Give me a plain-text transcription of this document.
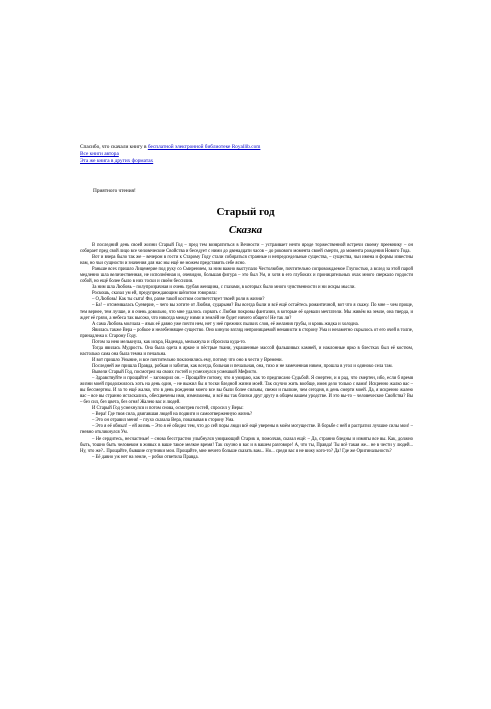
Спасибо, что скачали книгу в бесплатной электронной библиотеке Royallib.com

Все книги автора

Эта же книга в других форматах

Приятного чтения!
Старый год
Сказка

В последний день своей жизни Старый Год – пред тем возвратиться в Вечности – устраивает нечто вроде торжественной встречи своему преемнику – он собирает пред свой лицо все человеческие Свойства и беседует с ними до двенадцати часов – до рокового момента своей смерти, до момента рождения Нового Года.

Вот и вчера было так же – вечером в гости к Старому Году стали собираться странные и непредседельные существа, – существа, чьи имена и формы известны нам, но чьи сущности и значения для нас мы ещё не можем представить себе ясно.

Раньше всех пришло Лицемерие под руку со Смирением, за ним важно выступало Честолюбие, почтительно сопровождаемое Глупостью, а вслед за этой парой медленно шла величественная, не исполнённая и, очевидно, большая фигура – это был Ум, и хотя в его глубоких и проницательных очах много сверкало гордости собой, но ещё более было в них тоски и своём бессилии.

За ним шла Любовь – полупрозрачная и очень грубая женщина, с глазами, в которых было много чувственности и ни искры мысли.

Роскошь, сказал ум ей, предупреждающим шёпотом говорила:

– О,Любовь! Как ты сыта! Фи, разве такой костюм соответствует твоей роли в жизни?

– Ба! – отсмеивалась Суеверие, – чего вы хотите от Любви, сударыня? Вы всегда были и всё ещё остаётесь романтичной, вот что я скажу. По мне – чем проще, тем вернее, тем лучше, и я очень довольно, что мне удалось сорвать с Любви покровы фантазии, в которые её одевали мечтатели. Мы живём на земле, она тверда, и ждет её грязи, а небеса так высоко, что никогда между ними и землёй не будет ничего общего! Не так ли?

А сама Любовь молчала – язык её давно уже почти нем, нет у неё прежних пылких слов, её желания грубы, и кровь жидка и холодна.

Явилась также Вера – робкое и нелебезнящее существо. Оно кинуло взгляд непроницаемой ненависти в сторону Ума и незаметно скрылось от его очей в толпе, принадлежа к Старому Году.

Потом за нею мелькнула, как искра, Надежда, мелькнула и сбросила куда-то.

Тогда явилась Мудрость. Она была одета в яркие и пёстрые ткани, украшенные массой фальшивых камней, и наклонные ярко в блестках был её костюм, настолько сама она была темна и печальна.

И вот пришло Уныние, и все почтительно поклонились ему, потому что оно в чести у Времени.

Последней же пришла Правда, робкая и забитая, как всегда, больная и печальная, она, тихо и не замеченная никем, прошла в угол и одиноко села там.

Вывели Старый Год, посмотрел на своих гостей и усмехнулся усмешкой Мефисто.

– Здравствуйте и прощайте! – заговорил он. – Прощайте потому, что я умираю, как то предписано Судьбой. Я смертен, и я рад, что смертен, ибо, если б время жизни моей продолжилось хоть на день один, – не выжил бы я тоски бледной жизни моей. Так скучно жить вообще, имея дело только с вами! Искренно жалко вас – вы бессмертны. И за то ещё жалко, что в день рождения моего все вы были более сильны, свежи и пылкие, чем сегодня, в день смерти моей. Да, я искренно жалею вас – все вы странно истаскались, обесцвечены ими, измельчены, и всё вы так близки друг другу в общем вашем уродстве. И это вы-то – человеческие Свойства? Вы – без сил, без цвета, без огня! Жалею вас и людей.

И Старый Год усмехнулся и потом снова, осмотрев гостей, спросил у Веры:

– Вера! Где твоя сила, двигавшая людей на подвиги и самоотверженную жизнь?

– Это он отравил меня! – глухо сказала Вера, показывая в сторону Ума.

– Это я её обмыл! – ей жизнь – Это я её обидел тем, что до сей поры люди всё ещё уверены в моём могуществе. В борьбе с ней я растратил лучшие силы мои! – гневно откликнулся Ум.

– Не сердитесь, несчастные! – снова бесстрастно улыбнулся умирающий Старик и, помолчав, сказал ещё: – Да, странно бледны и измяты все вы. Как, должно быть, тошно быть человеком в живых в ваше такое мелкое время! Так скучно в вас и в вашем разговоре! А, что ты, Правда! Ты всё такая же... не в чести у людей... Ну, что же?.. Прощайте, бывшие спутники мои. Прощайте, мне нечего больше сказать вам... Но... среди вас я не вижу кого-то? Да! Где же Оригинальность?

– Её давно уж нет на земле, – робко ответила Правда.
